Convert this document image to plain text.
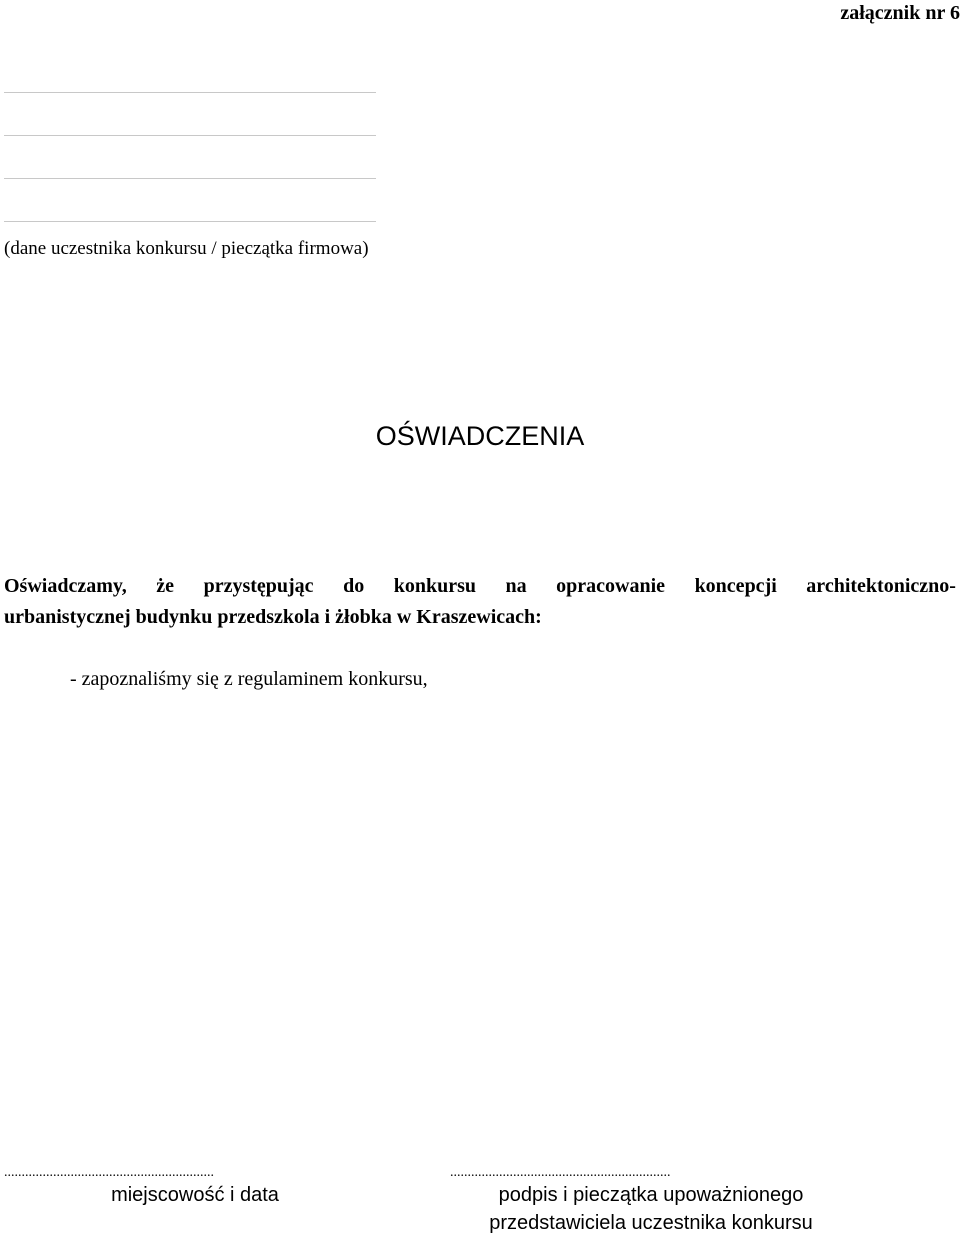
załącznik nr 6
(dane uczestnika konkursu / pieczątka firmowa)
OŚWIADCZENIA
Oświadczamy, że przystępując do konkursu na opracowanie koncepcji architektoniczno-
urbanistycznej budynku przedszkola i żłobka w Kraszewicach:
- zapoznaliśmy się z regulaminem konkursu,
............................................................
miejscowość i data
...............................................................
podpis i pieczątka upoważnionego
przedstawiciela uczestnika konkursu
